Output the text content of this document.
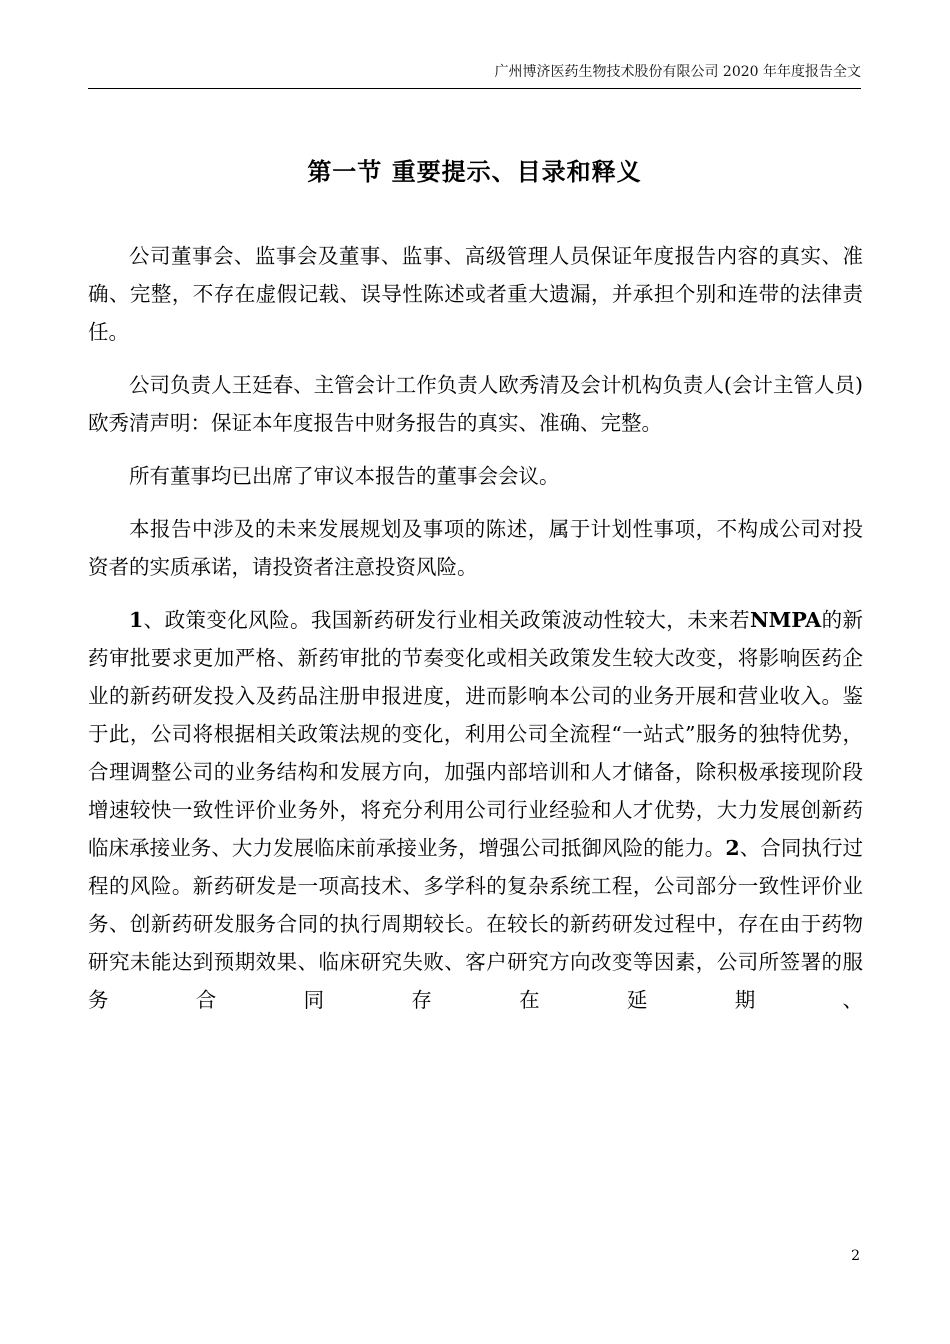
广州博济医药生物技术股份有限公司 2020 年年度报告全文
第一节 重要提示、目录和释义

公司董事会、监事会及董事、监事、高级管理人员保证年度报告内容的真实、准确、完整，不存在虚假记载、误导性陈述或者重大遗漏，并承担个别和连带的法律责任。

公司负责人王廷春、主管会计工作负责人欧秀清及会计机构负责人(会计主管人员)欧秀清声明：保证本年度报告中财务报告的真实、准确、完整。

所有董事均已出席了审议本报告的董事会会议。

本报告中涉及的未来发展规划及事项的陈述，属于计划性事项，不构成公司对投资者的实质承诺，请投资者注意投资风险。

1、政策变化风险。我国新药研发行业相关政策波动性较大，未来若NMPA的新药审批要求更加严格、新药审批的节奏变化或相关政策发生较大改变，将影响医药企业的新药研发投入及药品注册申报进度，进而影响本公司的业务开展和营业收入。鉴于此，公司将根据相关政策法规的变化，利用公司全流程“一站式”服务的独特优势，合理调整公司的业务结构和发展方向，加强内部培训和人才储备，除积极承接现阶段增速较快一致性评价业务外，将充分利用公司行业经验和人才优势，大力发展创新药临床承接业务、大力发展临床前承接业务，增强公司抵御风险的能力。2、合同执行过程的风险。新药研发是一项高技术、多学科的复杂系统工程，公司部分一致性评价业务、创新药研发服务合同的执行周期较长。在较长的新药研发过程中，存在由于药物研究未能达到预期效果、临床研究失败、客户研究方向改变等因素，公司所签署的服务合同存在延期、

2
